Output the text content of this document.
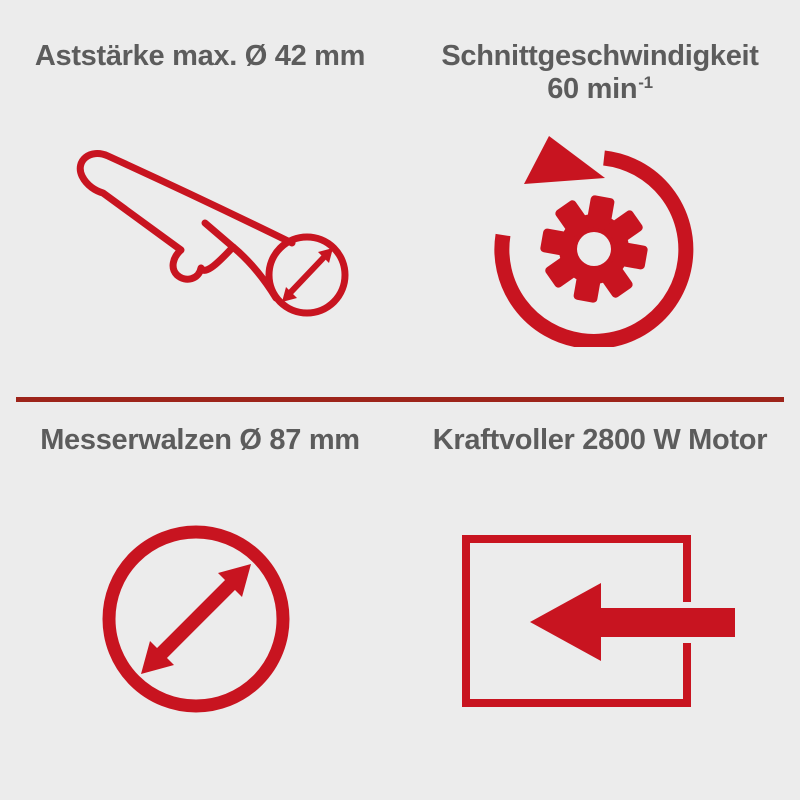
Aststärke max. Ø 42 mm	Schnittgeschwindigkeit
60 $\min^{-1}$
Messerwalzen Ø 87 mm	Kraftvoller 2800 W Motor
